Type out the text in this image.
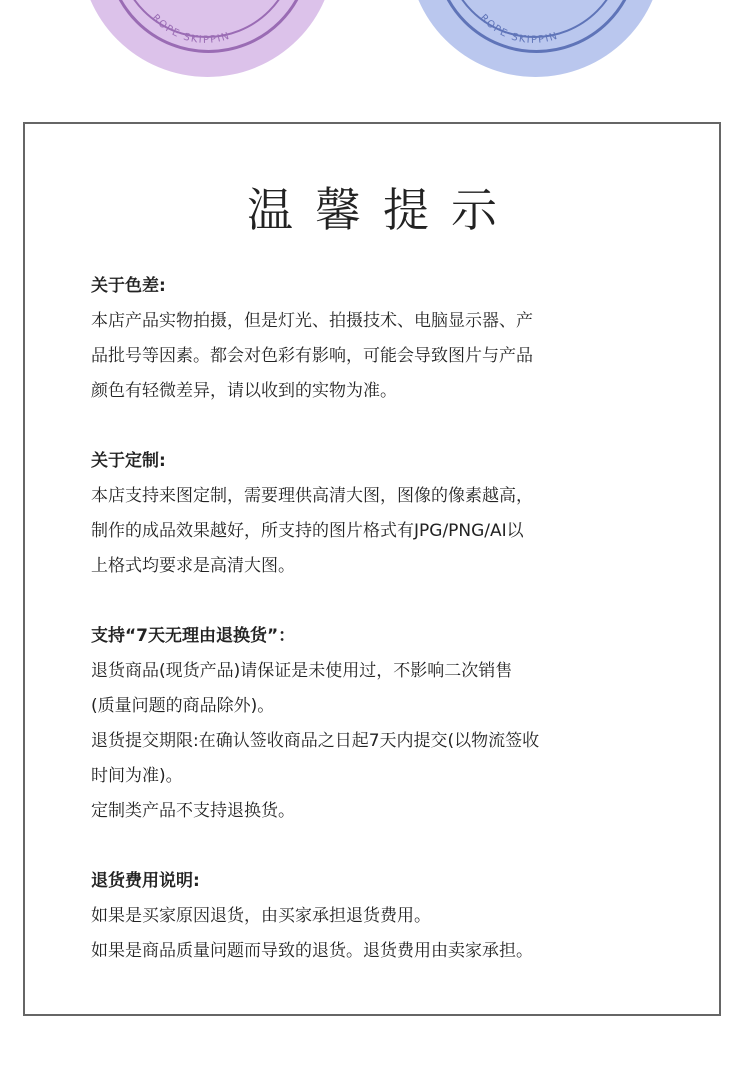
ROPE SKIPPIN
ROPE SKIPPIN
温馨提示
关于色差:
本店产品实物拍摄，但是灯光、拍摄技术、电脑显示器、产
品批号等因素。都会对色彩有影响，可能会导致图片与产品
颜色有轻微差异，请以收到的实物为准。
关于定制:
本店支持来图定制，需要理供高清大图，图像的像素越高，
制作的成品效果越好，所支持的图片格式有JPG/PNG/AI以
上格式均要求是高清大图。
支持“7天无理由退换货”：
退货商品(现货产品)请保证是未使用过，不影响二次销售
(质量问题的商品除外)。
退货提交期限:在确认签收商品之日起7天内提交(以物流签收
时间为准)。
定制类产品不支持退换货。
退货费用说明:
如果是买家原因退货，由买家承担退货费用。
如果是商品质量问题而导致的退货。退货费用由卖家承担。
